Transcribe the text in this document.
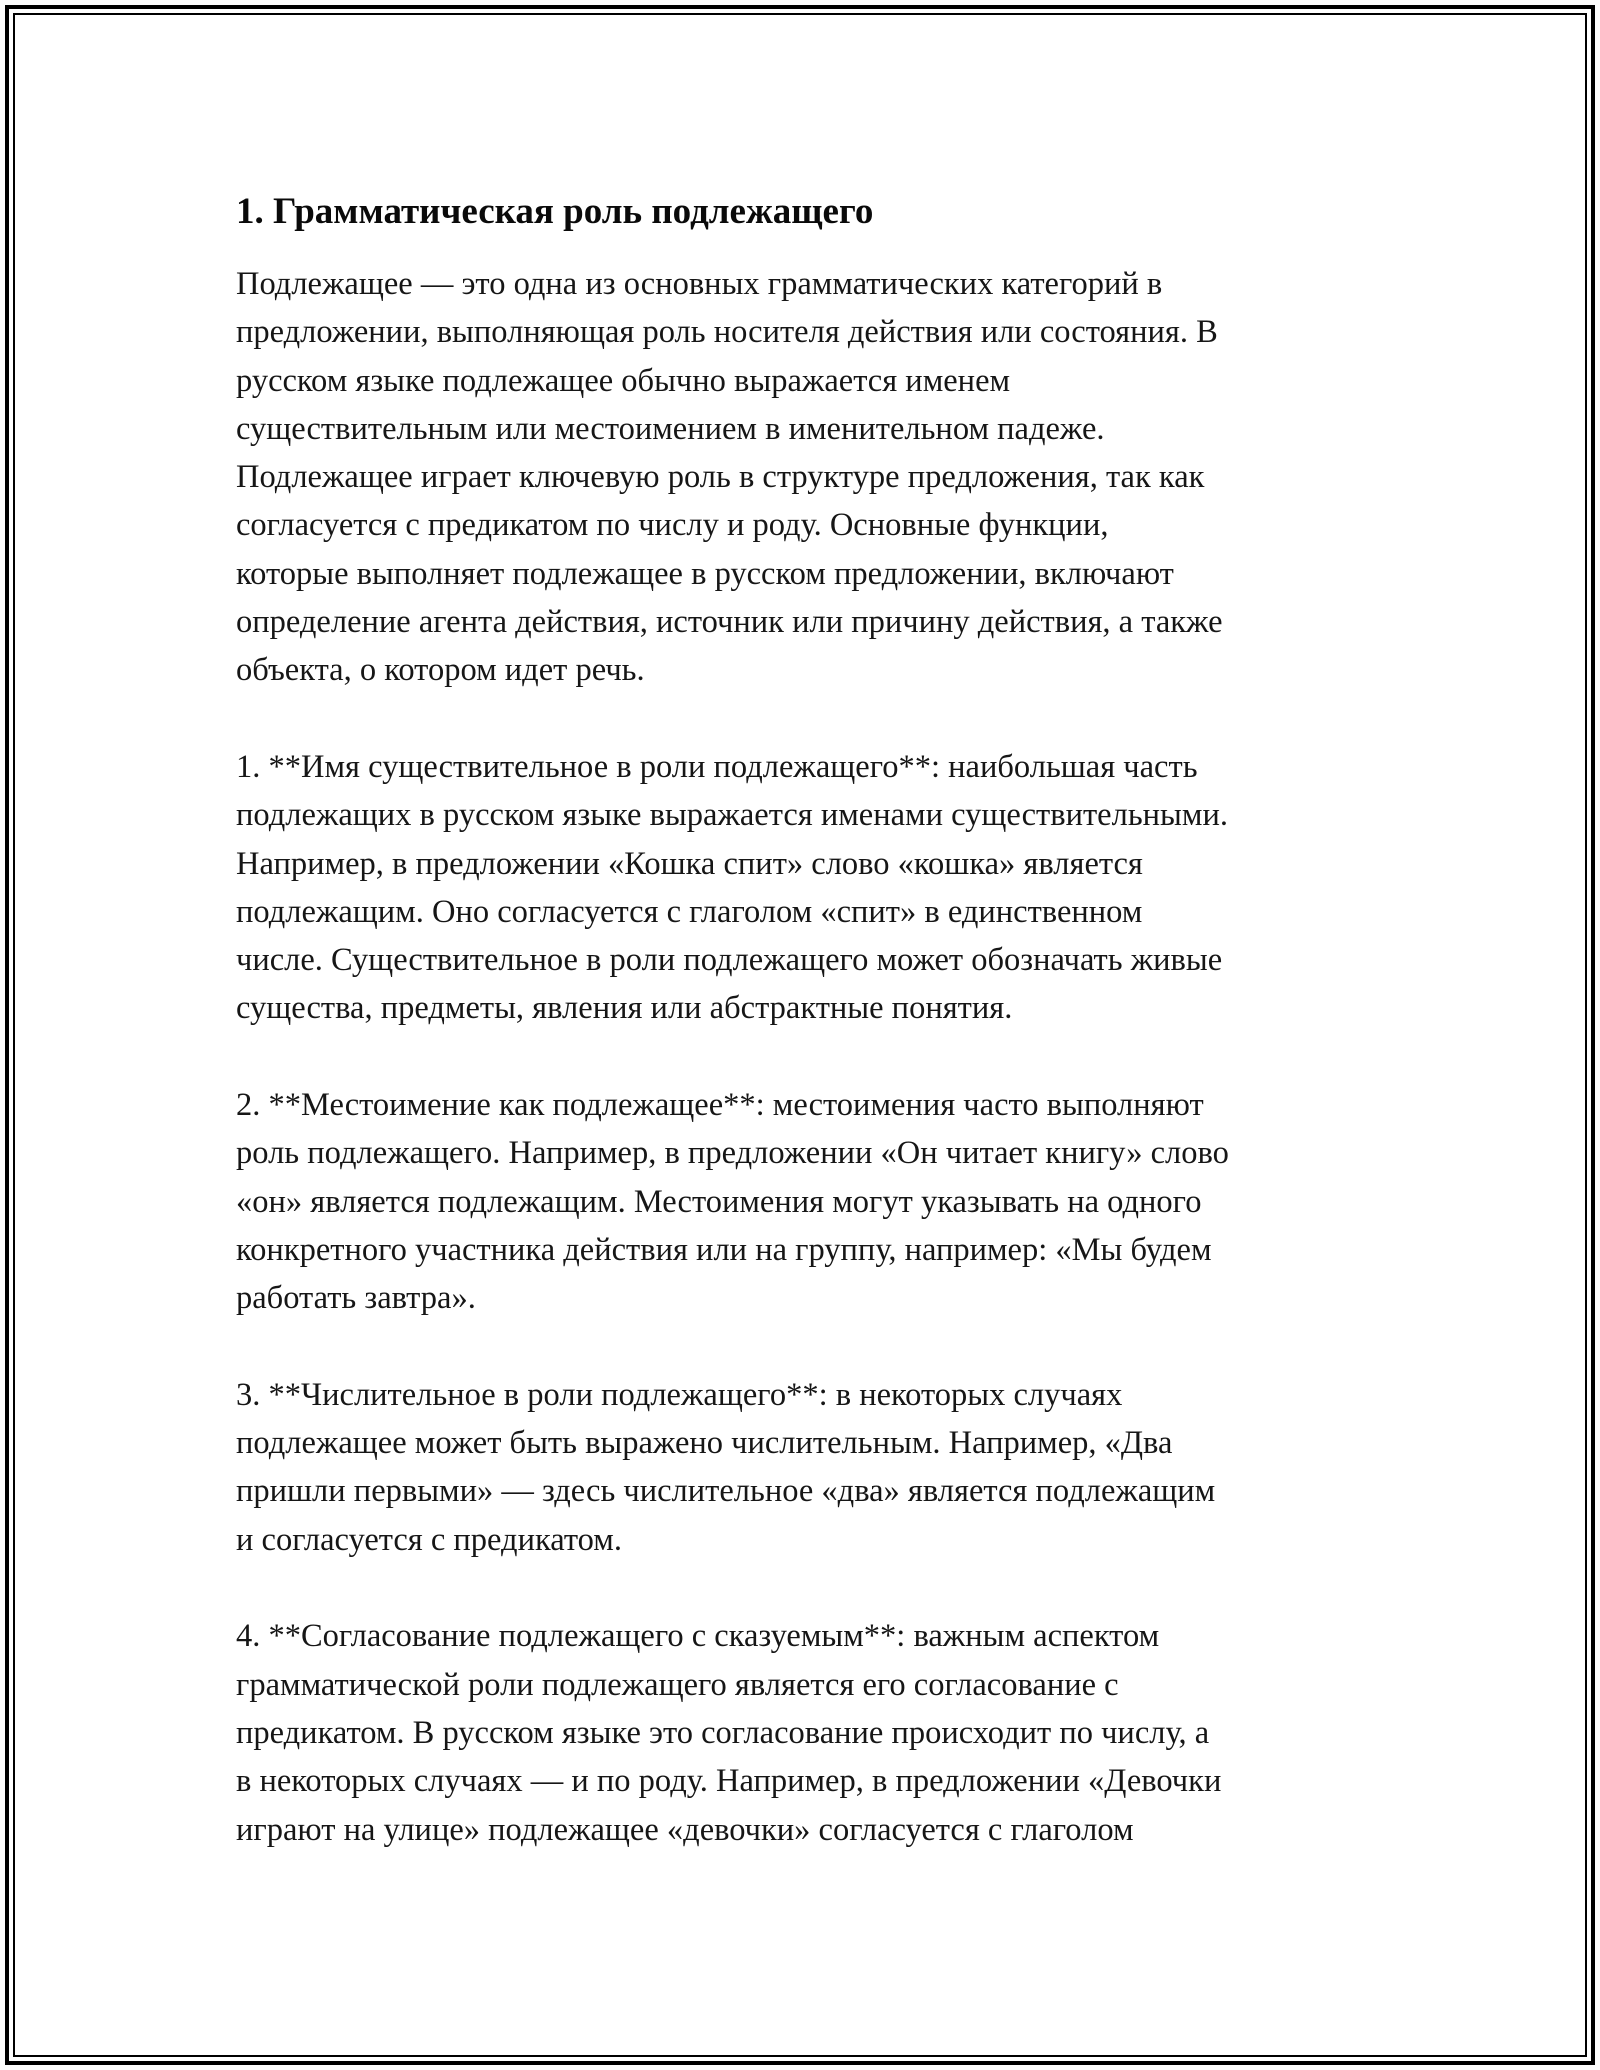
1. Грамматическая роль подлежащего

Подлежащее — это одна из основных грамматических категорий в
предложении, выполняющая роль носителя действия или состояния. В
русском языке подлежащее обычно выражается именем
существительным или местоимением в именительном падеже.
Подлежащее играет ключевую роль в структуре предложения, так как
согласуется с предикатом по числу и роду. Основные функции,
которые выполняет подлежащее в русском предложении, включают
определение агента действия, источник или причину действия, а также
объекта, о котором идет речь.

1. **Имя существительное в роли подлежащего**: наибольшая часть
подлежащих в русском языке выражается именами существительными.
Например, в предложении «Кошка спит» слово «кошка» является
подлежащим. Оно согласуется с глаголом «спит» в единственном
числе. Существительное в роли подлежащего может обозначать живые
существа, предметы, явления или абстрактные понятия.

2. **Местоимение как подлежащее**: местоимения часто выполняют
роль подлежащего. Например, в предложении «Он читает книгу» слово
«он» является подлежащим. Местоимения могут указывать на одного
конкретного участника действия или на группу, например: «Мы будем
работать завтра».

3. **Числительное в роли подлежащего**: в некоторых случаях
подлежащее может быть выражено числительным. Например, «Два
пришли первыми» — здесь числительное «два» является подлежащим
и согласуется с предикатом.

4. **Согласование подлежащего с сказуемым**: важным аспектом
грамматической роли подлежащего является его согласование с
предикатом. В русском языке это согласование происходит по числу, а
в некоторых случаях — и по роду. Например, в предложении «Девочки
играют на улице» подлежащее «девочки» согласуется с глаголом
